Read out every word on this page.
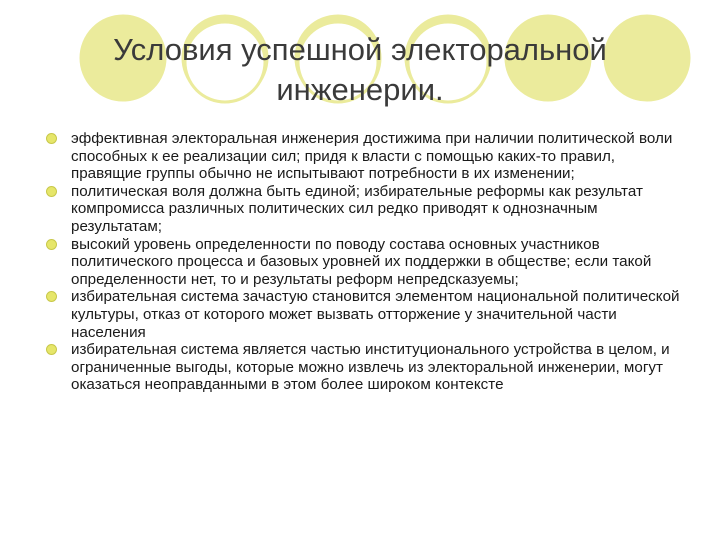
Условия успешной электоральной
инженерии.
эффективная электоральная инженерия достижима при наличии политической воли способных к ее реализации сил; придя к власти с помощью каких-то правил, правящие группы обычно не испытывают потребности в их изменении;
политическая воля должна быть единой; избирательные реформы как результат компромисса различных политических сил редко приводят к однозначным результатам;
высокий уровень определенности по поводу состава основных участников политического процесса и базовых уровней их поддержки в обществе; если такой определенности нет, то и результаты реформ непредсказуемы;
избирательная система зачастую становится элементом национальной политической культуры, отказ от которого может вызвать отторжение у значительной части населения
избирательная система является частью институционального устройства в целом, и ограниченные выгоды, которые можно извлечь из электоральной инженерии, могут оказаться неоправданными в этом более широком контексте
